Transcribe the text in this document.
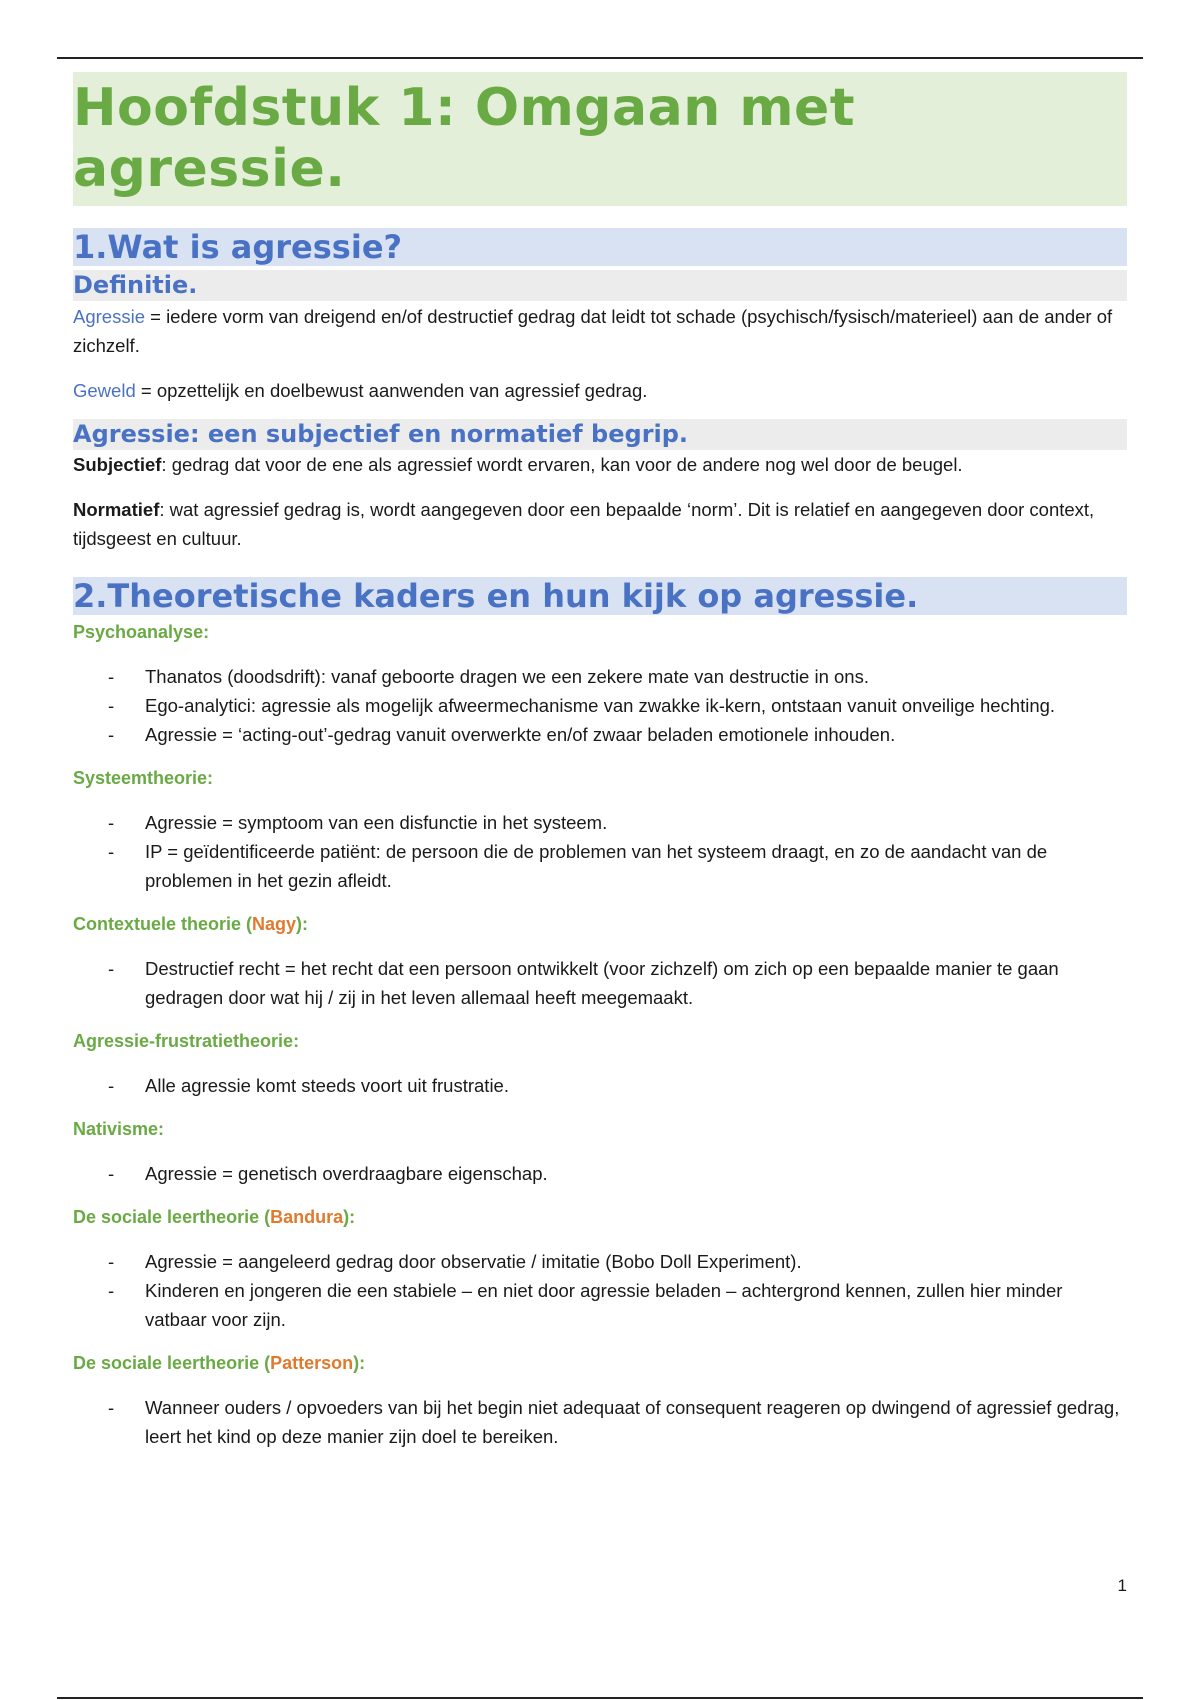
Hoofdstuk 1: Omgaan met agressie.
1.Wat is agressie?
Definitie.

Agressie = iedere vorm van dreigend en/of destructief gedrag dat leidt tot schade (psychisch/fysisch/materieel) aan de ander of zichzelf.

Geweld = opzettelijk en doelbewust aanwenden van agressief gedrag.

Agressie: een subjectief en normatief begrip.

Subjectief: gedrag dat voor de ene als agressief wordt ervaren, kan voor de andere nog wel door de beugel.

Normatief: wat agressief gedrag is, wordt aangegeven door een bepaalde ‘norm’. Dit is relatief en aangegeven door context, tijdsgeest en cultuur.

2.Theoretische kaders en hun kijk op agressie.
Psychoanalyse:
- Thanatos (doodsdrift): vanaf geboorte dragen we een zekere mate van destructie in ons.
- Ego-analytici: agressie als mogelijk afweermechanisme van zwakke ik-kern, ontstaan vanuit onveilige hechting.
- Agressie = ‘acting-out’-gedrag vanuit overwerkte en/of zwaar beladen emotionele inhouden.
Systeemtheorie:
- Agressie = symptoom van een disfunctie in het systeem.
- IP = geïdentificeerde patiënt: de persoon die de problemen van het systeem draagt, en zo de aandacht van de problemen in het gezin afleidt.
Contextuele theorie (Nagy):
- Destructief recht = het recht dat een persoon ontwikkelt (voor zichzelf) om zich op een bepaalde manier te gaan gedragen door wat hij / zij in het leven allemaal heeft meegemaakt.
Agressie-frustratietheorie:
- Alle agressie komt steeds voort uit frustratie.
Nativisme:
- Agressie = genetisch overdraagbare eigenschap.
De sociale leertheorie (Bandura):
- Agressie = aangeleerd gedrag door observatie / imitatie (Bobo Doll Experiment).
- Kinderen en jongeren die een stabiele – en niet door agressie beladen – achtergrond kennen, zullen hier minder vatbaar voor zijn.
De sociale leertheorie (Patterson):
- Wanneer ouders / opvoeders van bij het begin niet adequaat of consequent reageren op dwingend of agressief gedrag, leert het kind op deze manier zijn doel te bereiken.
1
